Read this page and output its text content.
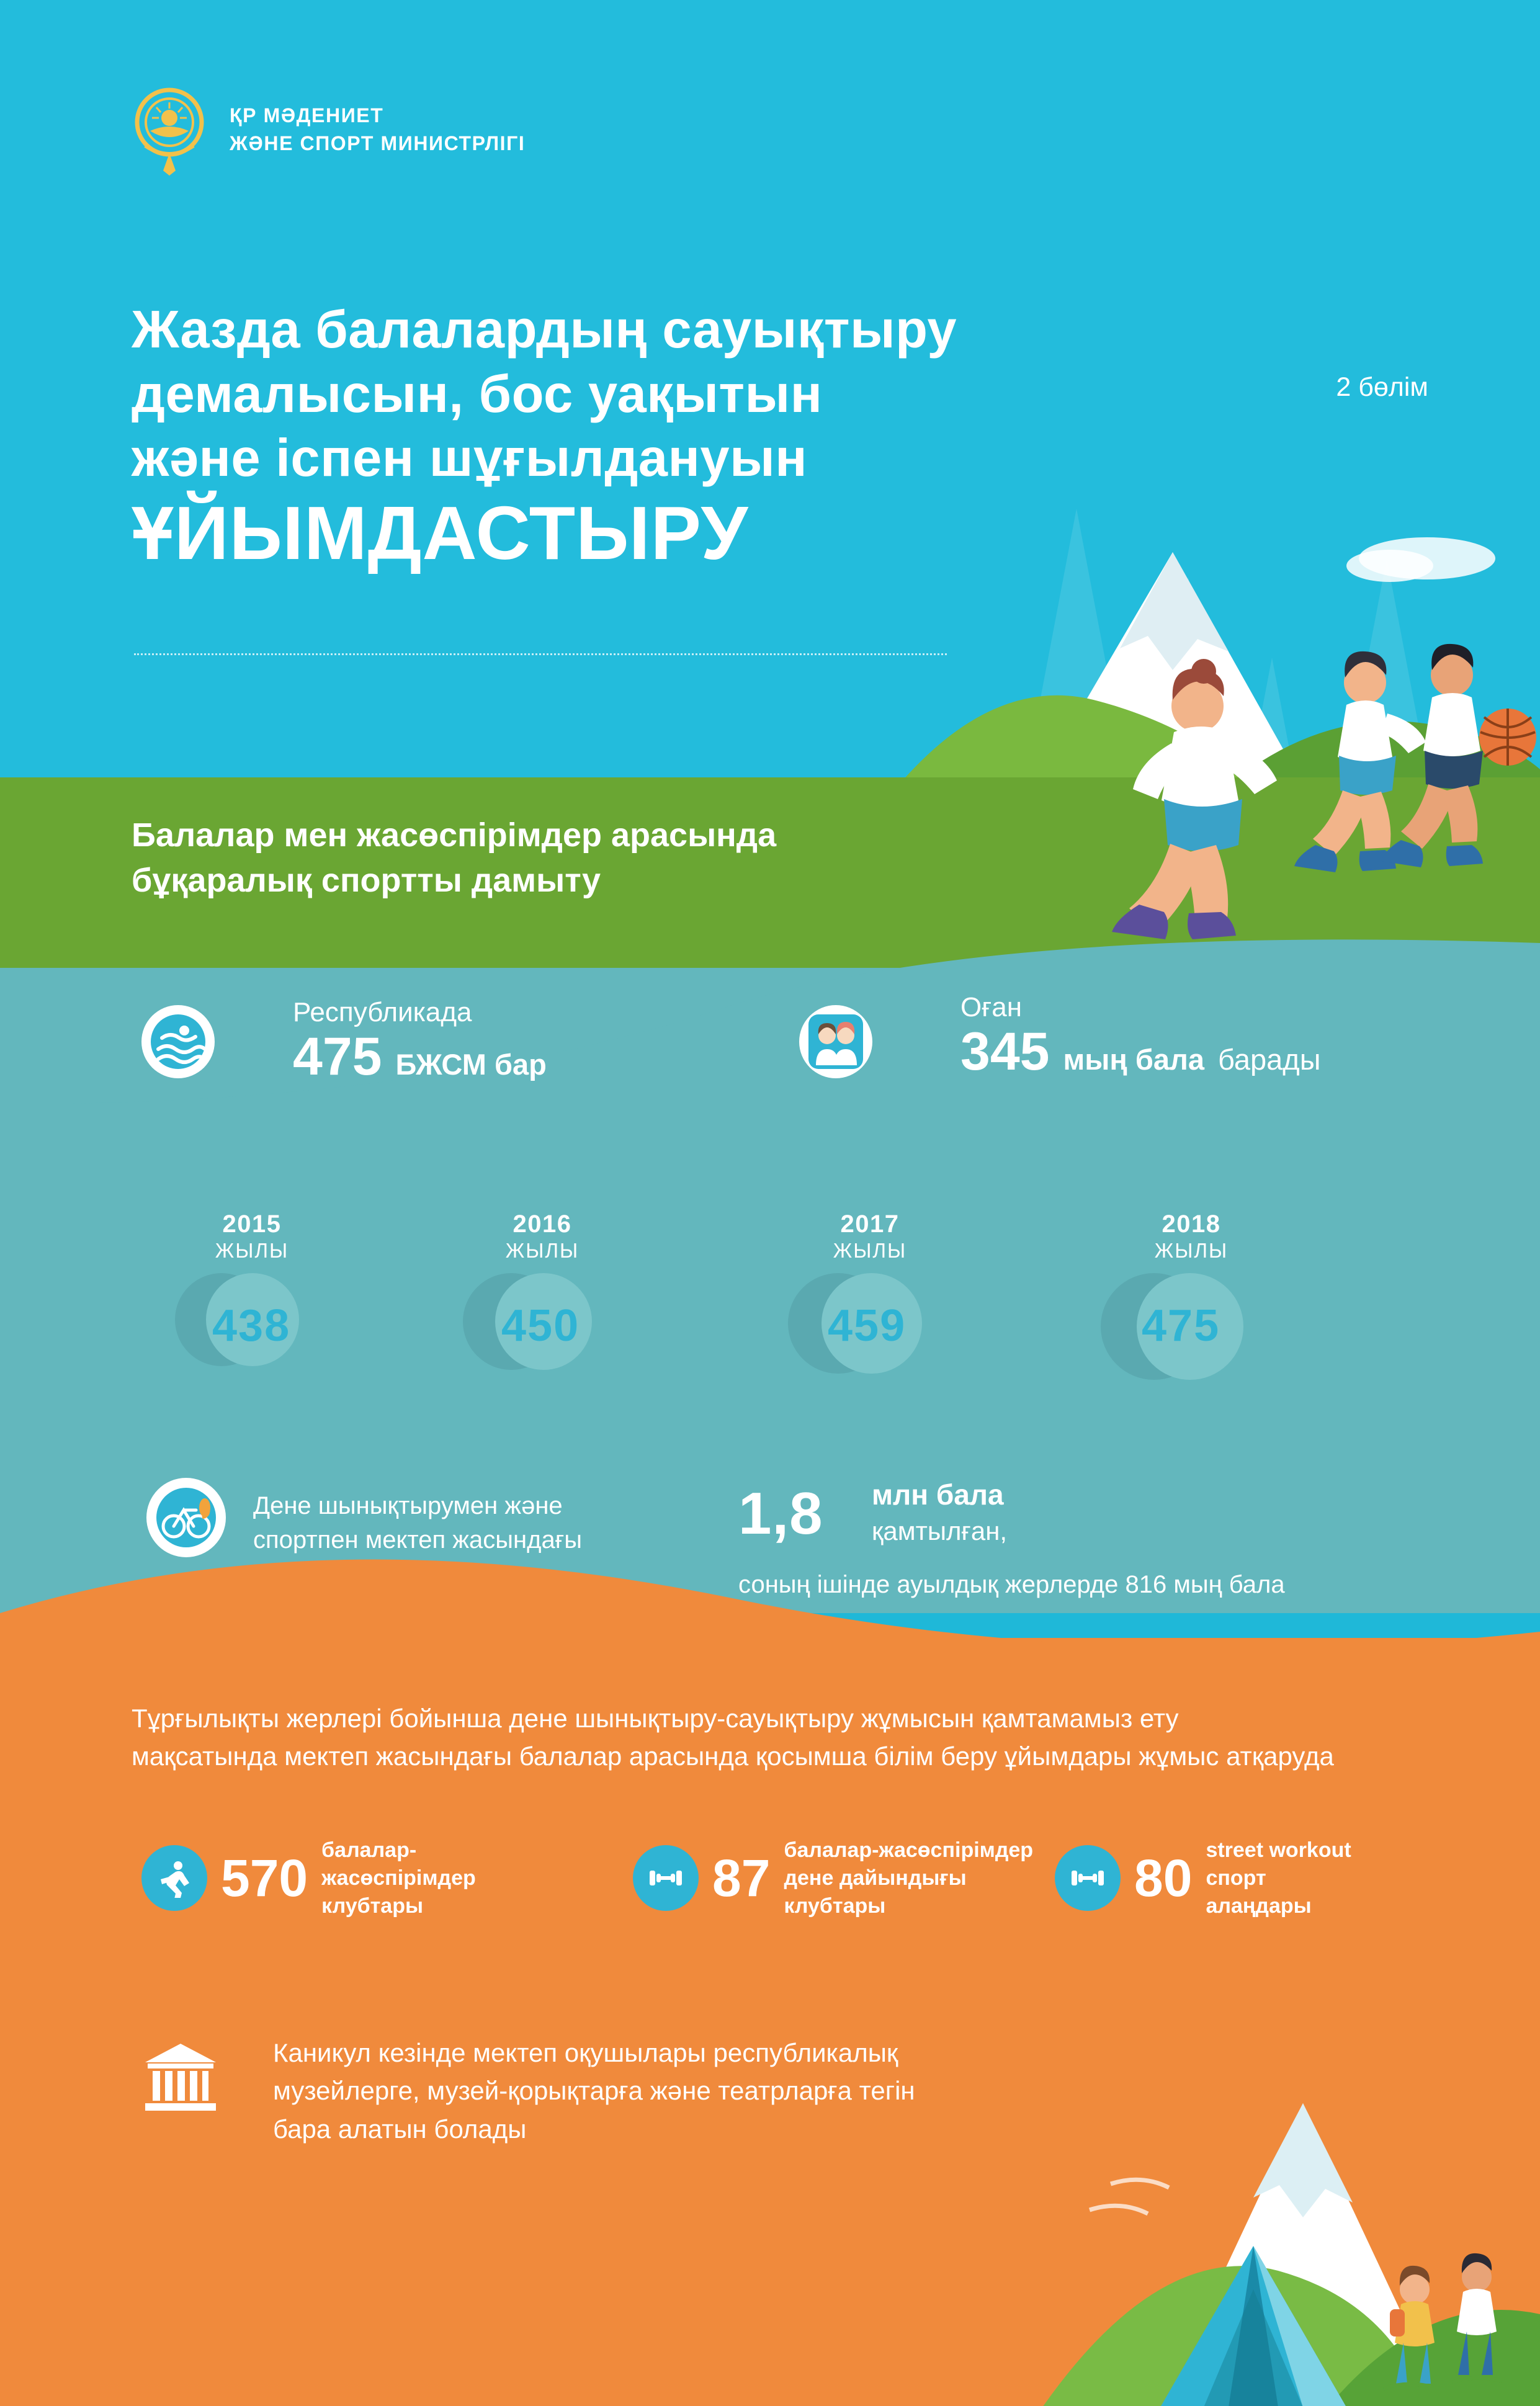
ҚР МӘДЕНИЕТ
ЖӘНЕ СПОРТ МИНИСТРЛІГІ
Жазда балалардың сауықтыру
демалысын, бос уақытын
және іспен шұғылдануын
ҰЙЫМДАСТЫРУ
2 бөлім
Балалар мен жасөспірімдер арасында
бұқаралық спортты дамыту
Республикада
475 БЖСМ бар
Оған
345 мың бала барады
2015
ЖЫЛЫ
438
2016
ЖЫЛЫ
450
2017
ЖЫЛЫ
459
2018
ЖЫЛЫ
475
Дене шынықтырумен және
спортпен мектеп жасындағы	1,8 млн бала
қамтылған,
соның ішінде ауылдық жерлерде 816 мың бала
Тұрғылықты жерлері бойынша дене шынықтыру-сауықтыру жұмысын қамтамамыз ету
мақсатында мектеп жасындағы балалар арасында қосымша білім беру ұйымдары жұмыс атқаруда
570 балалар-
жасөспірімдер
клубтары	87 балалар-жасөспірімдер
дене дайындығы
клубтары	80 street workout
спорт
алаңдары
Каникул кезінде мектеп оқушылары республикалық
музейлерге, музей-қорықтарға және театрларға тегін
бара алатын болады
